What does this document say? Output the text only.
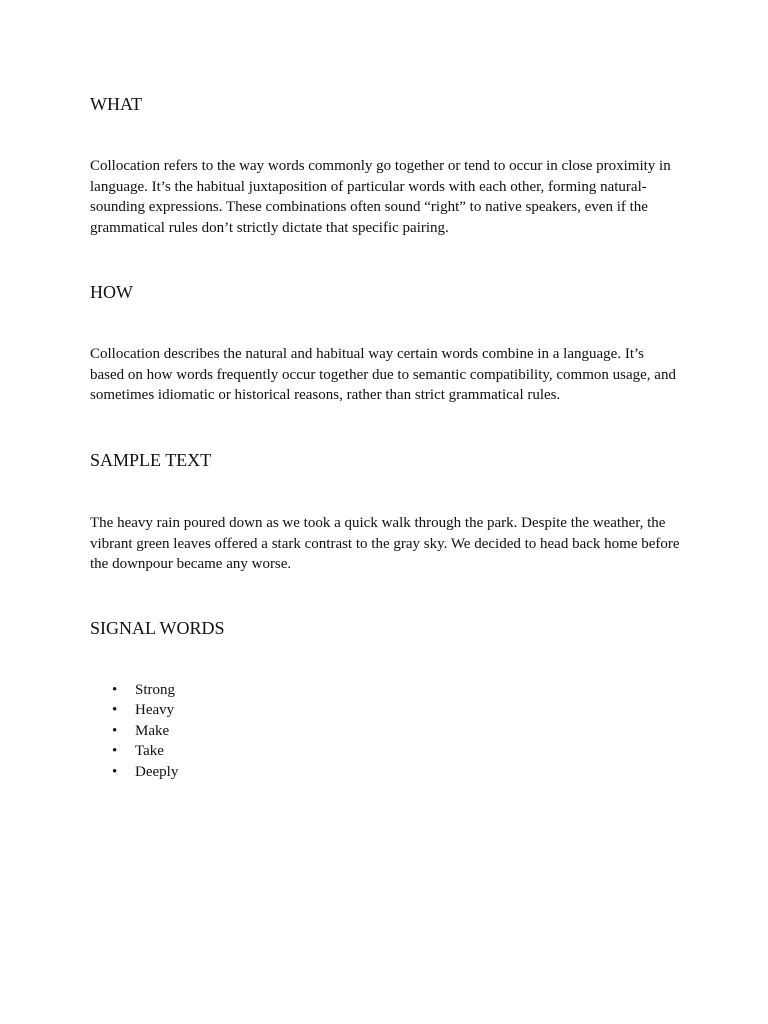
WHAT

Collocation refers to the way words commonly go together or tend to occur in close proximity in language. It’s the habitual juxtaposition of particular words with each other, forming natural-sounding expressions. These combinations often sound “right” to native speakers, even if the grammatical rules don’t strictly dictate that specific pairing.

HOW

Collocation describes the natural and habitual way certain words combine in a language. It’s based on how words frequently occur together due to semantic compatibility, common usage, and sometimes idiomatic or historical reasons, rather than strict grammatical rules.

SAMPLE TEXT

The heavy rain poured down as we took a quick walk through the park. Despite the weather, the vibrant green leaves offered a stark contrast to the gray sky. We decided to head back home before the downpour became any worse.

SIGNAL WORDS
• Strong
• Heavy
• Make
• Take
• Deeply
